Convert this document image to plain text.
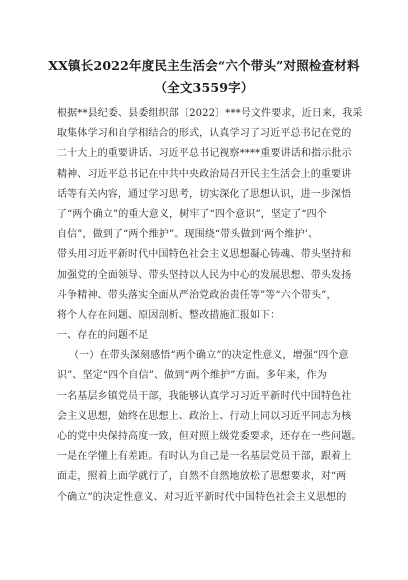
XX镇长2022年度民主生活会“六个带头”对照检查材料
（全文3559字）
根据**县纪委、县委组织部〔2022〕***号文件要求，近日来，我采
取集体学习和自学相结合的形式，认真学习了习近平总书记在党的
二十大上的重要讲话、习近平总书记视察****重要讲话和指示批示
精神、习近平总书记在中共中央政治局召开民主生活会上的重要讲
话等有关内容，通过学习思考，切实深化了思想认识，进一步深悟
了“两个确立”的重大意义，树牢了“四个意识”，坚定了“四个
自信”，做到了“两个维护”。现围绕“带头做到‘两个维护’、
带头用习近平新时代中国特色社会主义思想凝心铸魂、带头坚持和
加强党的全面领导、带头坚持以人民为中心的发展思想、带头发扬
斗争精神、带头落实全面从严治党政治责任等”等“六个带头”，
将个人存在问题、原因剖析、整改措施汇报如下：
一、存在的问题不足
（一）在带头深刻感悟“两个确立”的决定性意义，增强“四个意
识”、坚定“四个自信”、做到“两个维护”方面。多年来，作为
一名基层乡镇党员干部，我能够认真学习习近平新时代中国特色社
会主义思想，始终在思想上、政治上、行动上同以习近平同志为核
心的党中央保持高度一致，但对照上级党委要求，还存在一些问题。
一是在学懂上有差距。有时认为自己是一名基层党员干部，跟着上
面走，照着上面学就行了，自然不自然地放松了思想要求，对“两
个确立”的决定性意义、对习近平新时代中国特色社会主义思想的
